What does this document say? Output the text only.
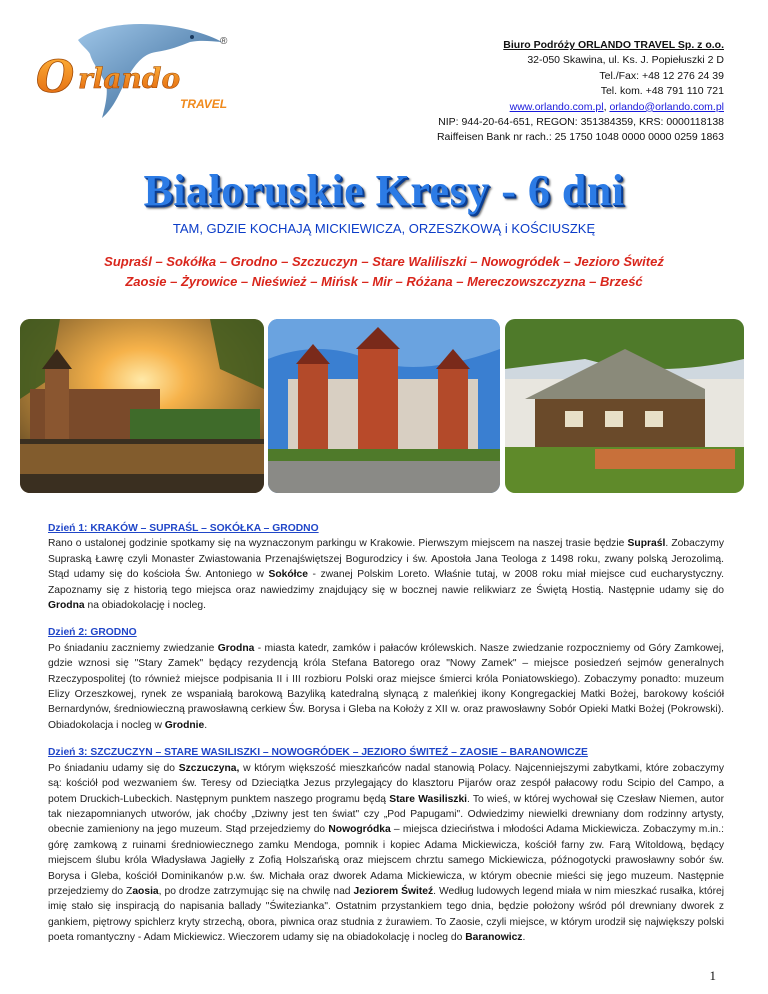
O rlando
TRAVEL
®	Biuro Podróży ORLANDO TRAVEL Sp. z o.o.
32-050 Skawina, ul. Ks. J. Popiełuszki 2 D
Tel./Fax: +48 12 276 24 39
Tel. kom. +48 791 110 721
www.orlando.com.pl, orlando@orlando.com.pl
NIP: 944-20-64-651, REGON: 351384359, KRS: 0000118138
Raiffeisen Bank nr rach.: 25 1750 1048 0000 0000 0259 1863
Białoruskie Kresy - 6 dni
TAM, GDZIE KOCHAJĄ MICKIEWICZA, ORZESZKOWĄ i KOŚCIUSZKĘ
Supraśl – Sokółka – Grodno – Szczuczyn – Stare Waliliszki – Nowogródek – Jezioro Świteź
Zaosie – Żyrowice – Nieśwież – Mińsk – Mir – Różana – Mereczowszczyzna – Brześć
Dzień 1: KRAKÓW – SUPRAŚL – SOKÓŁKA – GRODNO

Rano o ustalonej godzinie spotkamy się na wyznaczonym parkingu w Krakowie. Pierwszym miejscem na naszej trasie będzie Supraśl. Zobaczymy Supraską Ławrę czyli Monaster Zwiastowania Przenajświętszej Bogurodzicy i św. Apostoła Jana Teologa z 1498 roku, zwany polską Jerozolimą. Stąd udamy się do kościoła Św. Antoniego w Sokółce - zwanej Polskim Loreto. Właśnie tutaj, w 2008 roku miał miejsce cud eucharystyczny. Zapoznamy się z historią tego miejsca oraz nawiedzimy znajdujący się w bocznej nawie relikwiarz ze Świętą Hostią. Następnie udamy się do Grodna na obiadokolację i nocleg.

Dzień 2: GRODNO

Po śniadaniu zaczniemy zwiedzanie Grodna - miasta katedr, zamków i pałaców królewskich. Nasze zwiedzanie rozpoczniemy od Góry Zamkowej, gdzie wznosi się "Stary Zamek" będący rezydencją króla Stefana Batorego oraz "Nowy Zamek" – miejsce posiedzeń sejmów generalnych Rzeczypospolitej (to również miejsce podpisania II i III rozbioru Polski oraz miejsce śmierci króla Poniatowskiego). Zobaczymy ponadto: muzeum Elizy Orzeszkowej, rynek ze wspaniałą barokową Bazyliką katedralną słynącą z maleńkiej ikony Kongregackiej Matki Bożej, barokowy kościół Bernardynów, średniowieczną prawosławną cerkiew Św. Borysa i Gleba na Kołoży z XII w. oraz prawosławny Sobór Opieki Matki Bożej (Pokrowski). Obiadokolacja i nocleg w Grodnie.

Dzień 3: SZCZUCZYN – STARE WASILISZKI – NOWOGRÓDEK – JEZIORO ŚWITEŹ – ZAOSIE – BARANOWICZE

Po śniadaniu udamy się do Szczuczyna, w którym większość mieszkańców nadal stanowią Polacy. Najcenniejszymi zabytkami, które zobaczymy są: kościół pod wezwaniem św. Teresy od Dzieciątka Jezus przylegający do klasztoru Pijarów oraz zespół pałacowy rodu Scipio del Campo, a potem Druckich-Lubeckich. Następnym punktem naszego programu będą Stare Wasiliszki. To wieś, w której wychował się Czesław Niemen, autor tak niezapomnianych utworów, jak choćby „Dziwny jest ten świat" czy „Pod Papugami". Odwiedzimy niewielki drewniany dom rodzinny artysty, obecnie zamieniony na jego muzeum. Stąd przejedziemy do Nowogródka – miejsca dzieciństwa i młodości Adama Mickiewicza. Zobaczymy m.in.: górę zamkową z ruinami średniowiecznego zamku Mendoga, pomnik i kopiec Adama Mickiewicza, kościół farny zw. Farą Witoldową, będący miejscem ślubu króla Władysława Jagiełły z Zofią Holszańską oraz miejscem chrztu samego Mickiewicza, późnogotycki prawosławny sobór św. Borysa i Gleba, kościół Dominikanów p.w. św. Michała oraz dworek Adama Mickiewicza, w którym obecnie mieści się jego muzeum. Następnie przejedziemy do Zaosia, po drodze zatrzymując się na chwilę nad Jeziorem Świteź. Według ludowych legend miała w nim mieszkać rusałka, której imię stało się inspiracją do napisania ballady "Świtezianka". Ostatnim przystankiem tego dnia, będzie położony wśród pól drewniany dworek z gankiem, piętrowy spichlerz kryty strzechą, obora, piwnica oraz studnia z żurawiem. To Zaosie, czyli miejsce, w którym urodził się największy polski poeta romantyczny - Adam Mickiewicz. Wieczorem udamy się na obiadokolację i nocleg do Baranowicz.

1
